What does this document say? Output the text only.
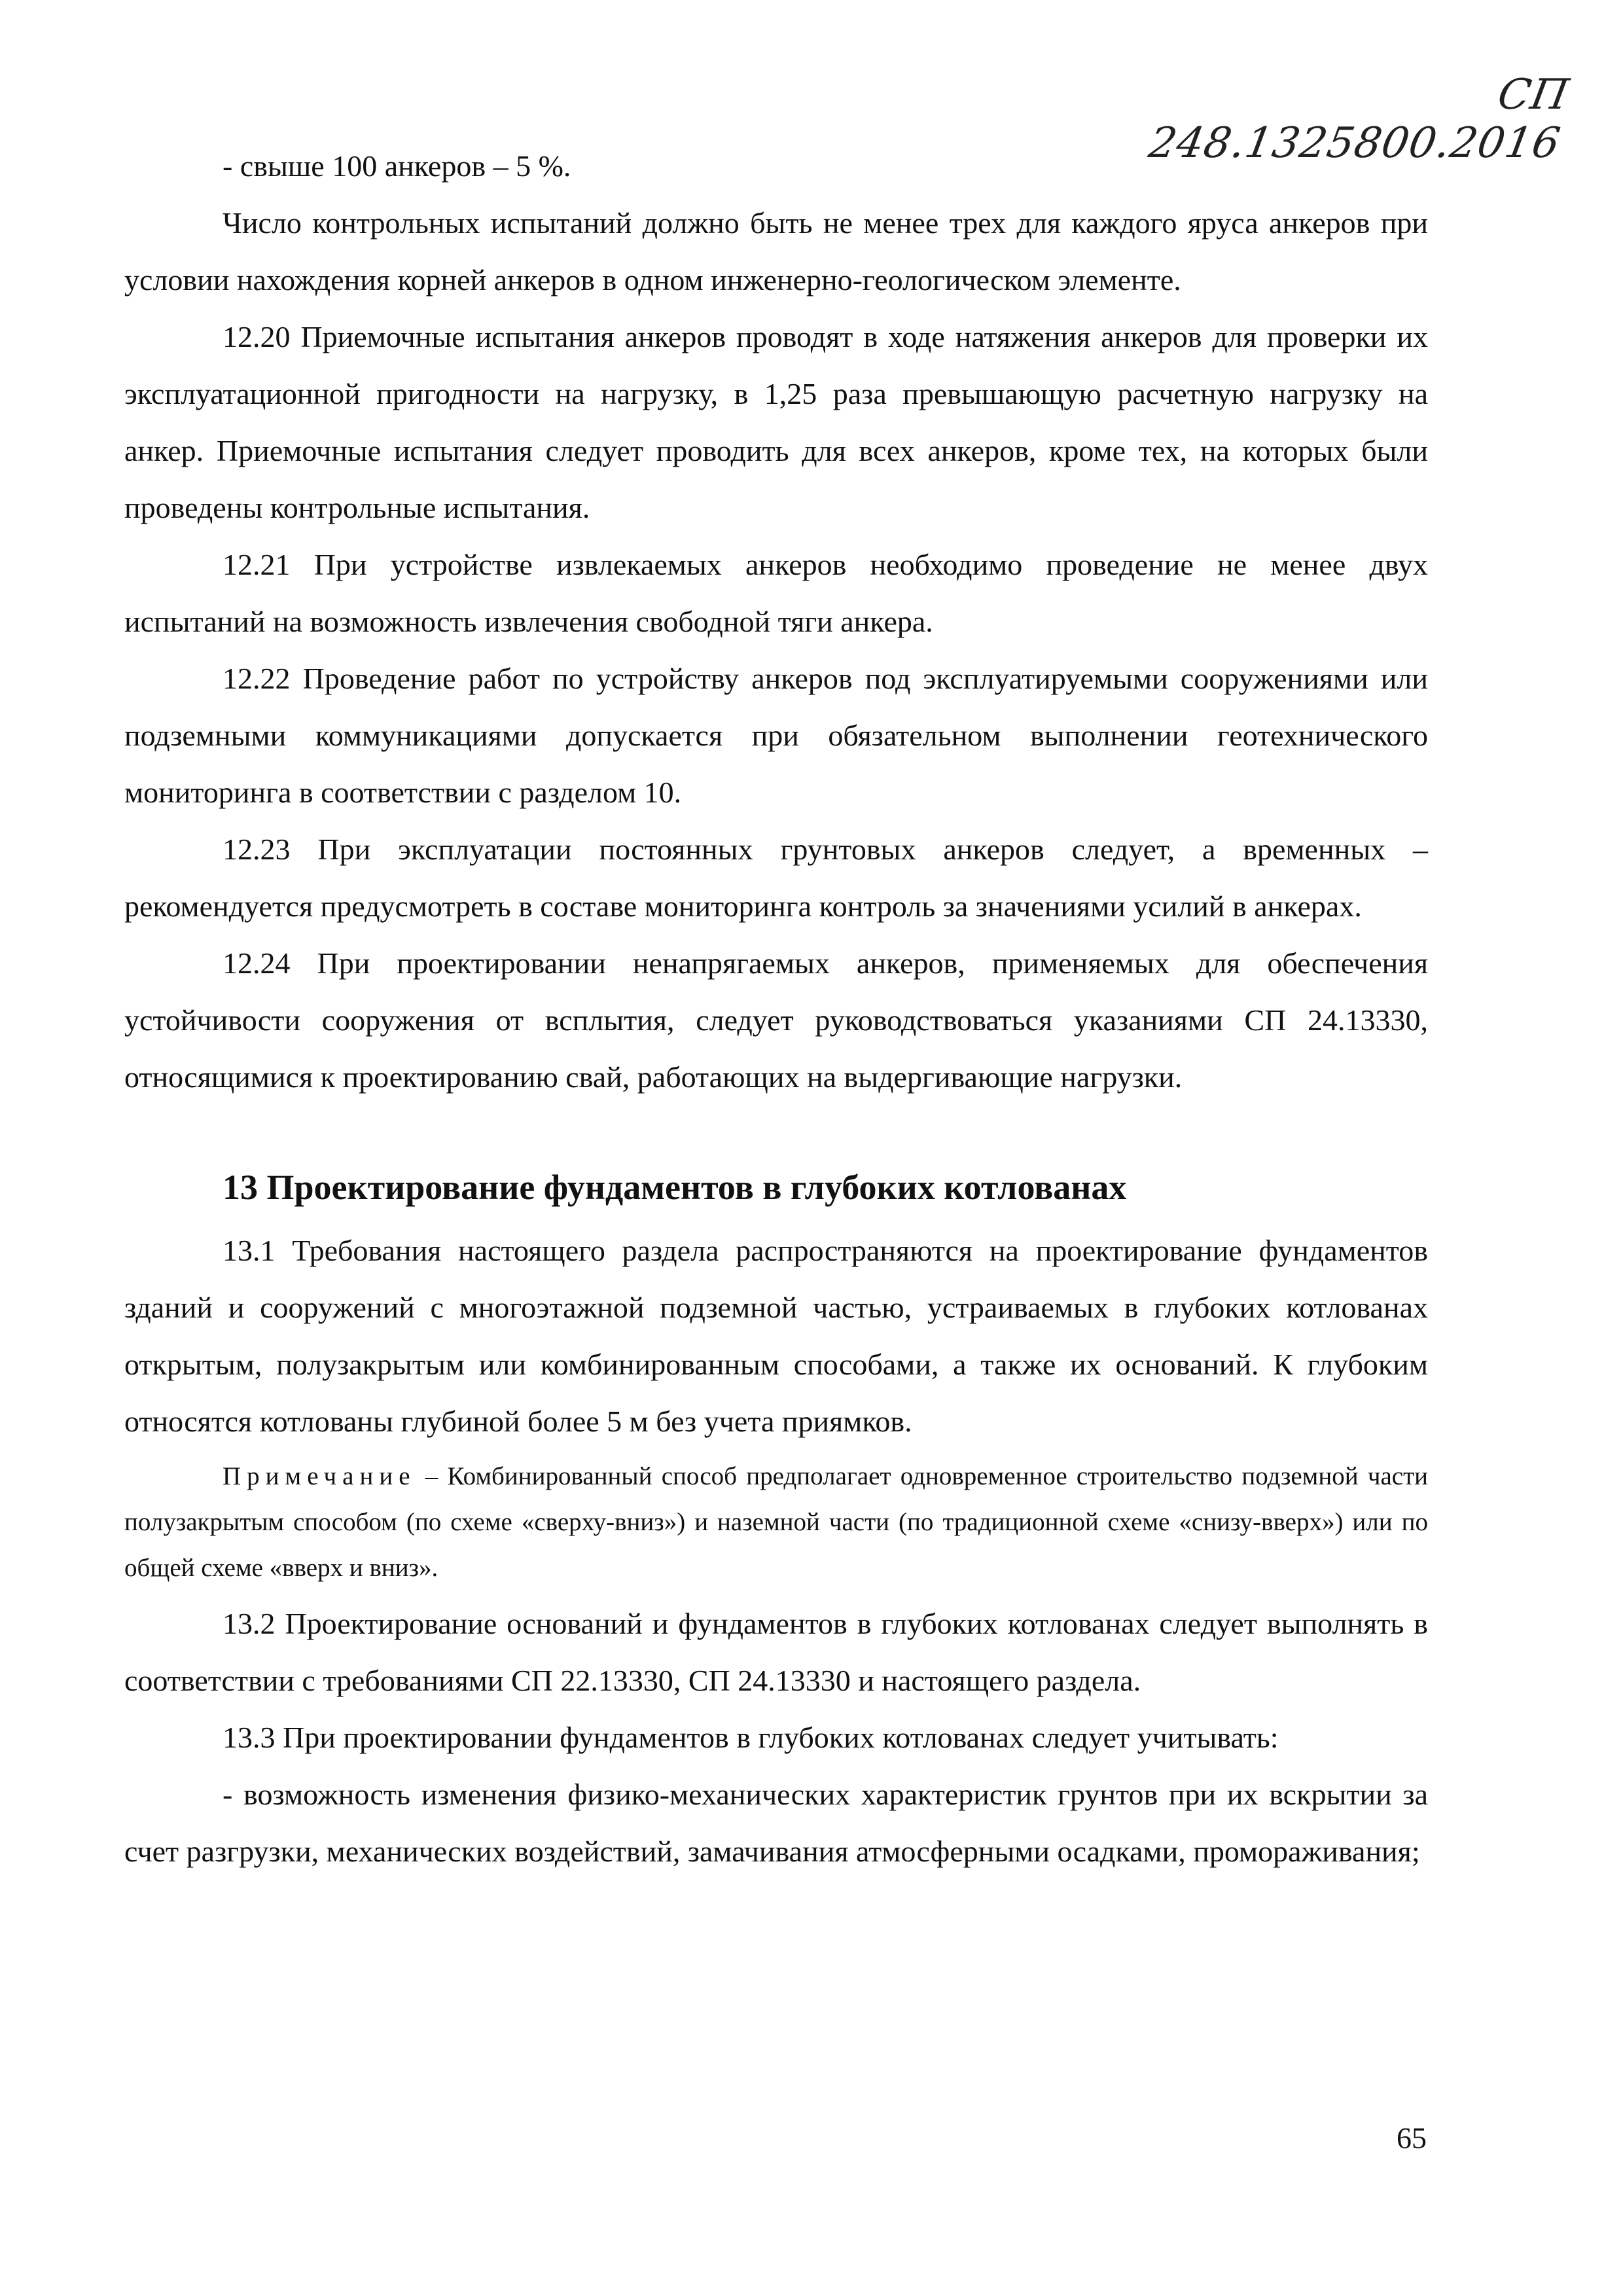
СП 248.1325800.2016

- свыше 100 анкеров – 5 %.

Число контрольных испытаний должно быть не менее трех для каждого яруса анкеров при условии нахождения корней анкеров в одном инженерно-геологическом элементе.

12.20 Приемочные испытания анкеров проводят в ходе натяжения анкеров для проверки их эксплуатационной пригодности на нагрузку, в 1,25 раза превышающую расчетную нагрузку на анкер. Приемочные испытания следует проводить для всех анкеров, кроме тех, на которых были проведены контрольные испытания.

12.21 При устройстве извлекаемых анкеров необходимо проведение не менее двух испытаний на возможность извлечения свободной тяги анкера.

12.22 Проведение работ по устройству анкеров под эксплуатируемыми сооружениями или подземными коммуникациями допускается при обязательном выполнении геотехнического мониторинга в соответствии с разделом 10.

12.23 При эксплуатации постоянных грунтовых анкеров следует, а временных – рекомендуется предусмотреть в составе мониторинга контроль за значениями усилий в анкерах.

12.24 При проектировании ненапрягаемых анкеров, применяемых для обеспечения устойчивости сооружения от всплытия, следует руководствоваться указаниями СП 24.13330, относящимися к проектированию свай, работающих на выдергивающие нагрузки.

13 Проектирование фундаментов в глубоких котлованах

13.1 Требования настоящего раздела распространяются на проектирование фундаментов зданий и сооружений с многоэтажной подземной частью, устраиваемых в глубоких котлованах открытым, полузакрытым или комбинированным способами, а также их оснований. К глубоким относятся котлованы глубиной более 5 м без учета приямков.

Примечание – Комбинированный способ предполагает одновременное строительство подземной части полузакрытым способом (по схеме «сверху-вниз») и наземной части (по традиционной схеме «снизу-вверх») или по общей схеме «вверх и вниз».

13.2 Проектирование оснований и фундаментов в глубоких котлованах следует выполнять в соответствии с требованиями СП 22.13330, СП 24.13330 и настоящего раздела.

13.3 При проектировании фундаментов в глубоких котлованах следует учитывать:

- возможность изменения физико-механических характеристик грунтов при их вскрытии за счет разгрузки, механических воздействий, замачивания атмосферными осадками, промораживания;

65
